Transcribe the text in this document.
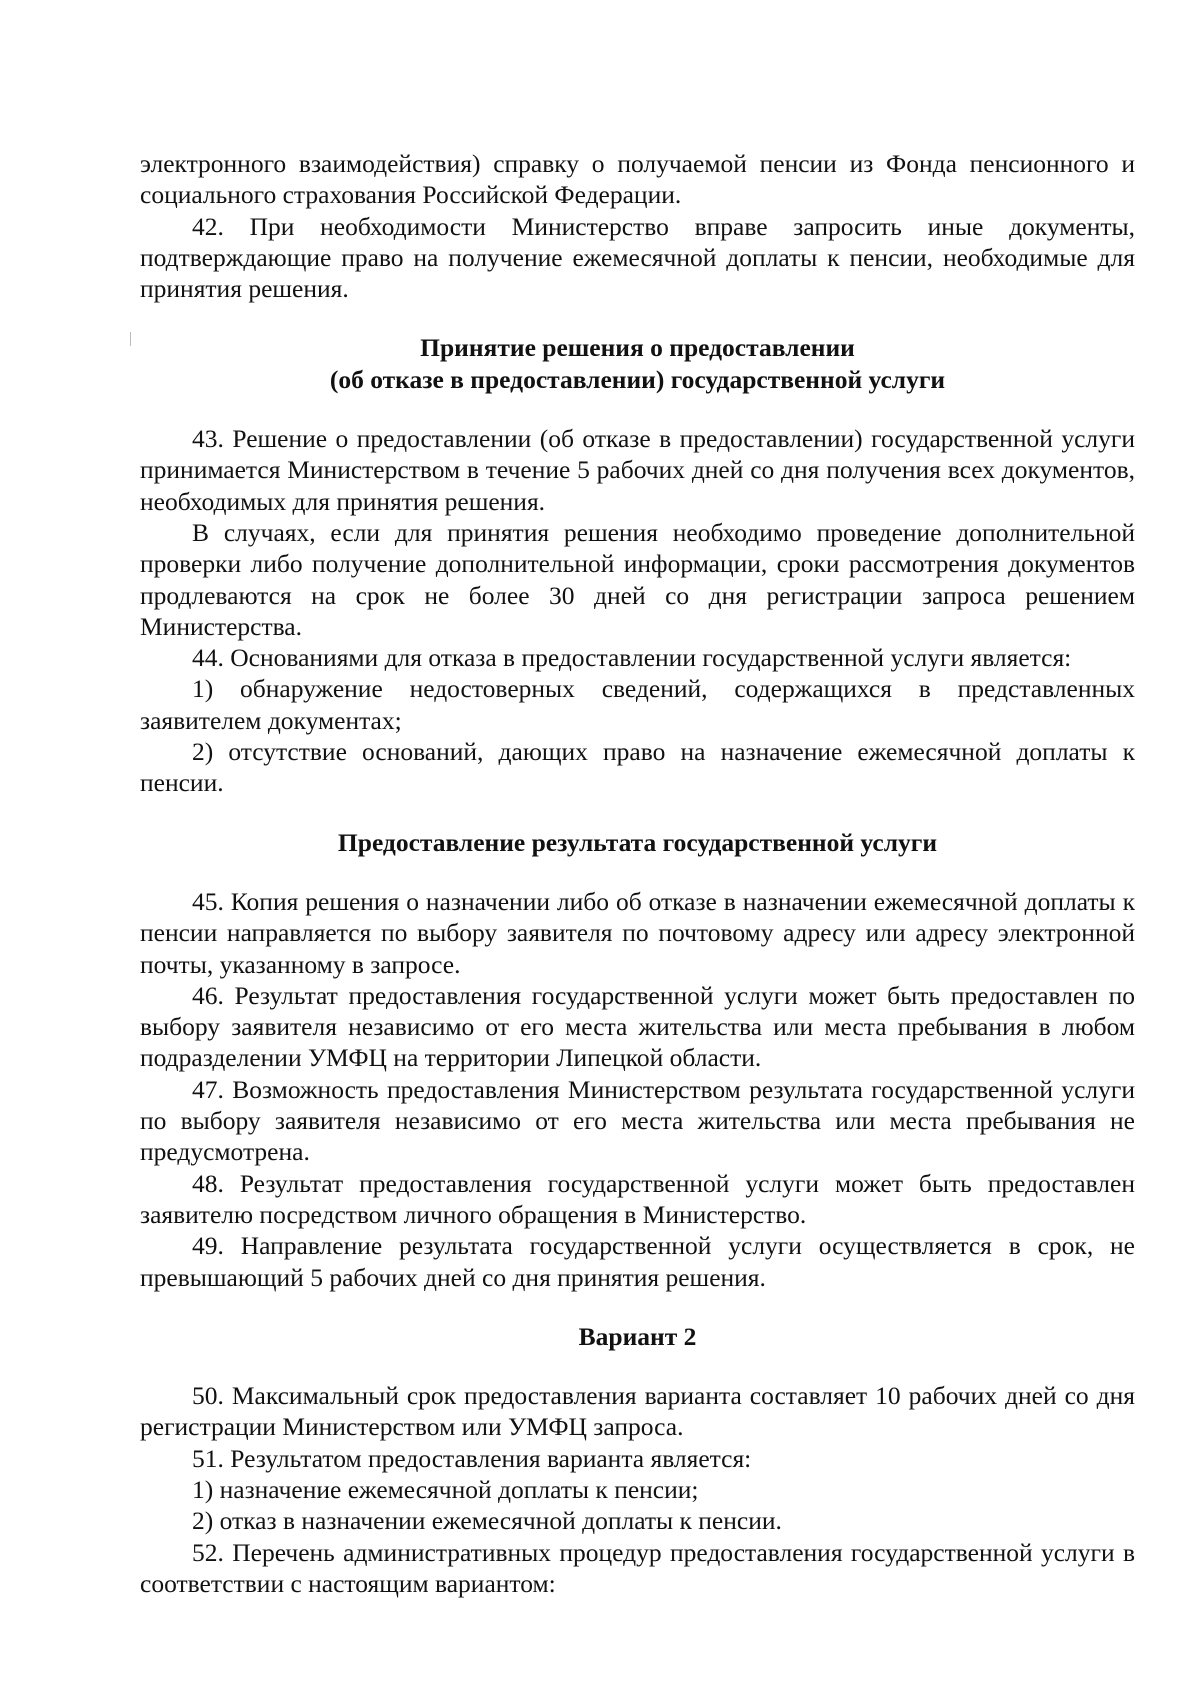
электронного взаимодействия) справку о получаемой пенсии из Фонда пенсионного и социального страхования Российской Федерации.

42. При необходимости Министерство вправе запросить иные документы, подтверждающие право на получение ежемесячной доплаты к пенсии, необходимые для принятия решения.

Принятие решения о предоставлении

(об отказе в предоставлении) государственной услуги

43. Решение о предоставлении (об отказе в предоставлении) государственной услуги принимается Министерством в течение 5 рабочих дней со дня получения всех документов, необходимых для принятия решения.

В случаях, если для принятия решения необходимо проведение дополнительной проверки либо получение дополнительной информации, сроки рассмотрения документов продлеваются на срок не более 30 дней со дня регистрации запроса решением Министерства.

44. Основаниями для отказа в предоставлении государственной услуги является:

1) обнаружение недостоверных сведений, содержащихся в представленных заявителем документах;

2) отсутствие оснований, дающих право на назначение ежемесячной доплаты к пенсии.

Предоставление результата государственной услуги

45. Копия решения о назначении либо об отказе в назначении ежемесячной доплаты к пенсии направляется по выбору заявителя по почтовому адресу или адресу электронной почты, указанному в запросе.

46. Результат предоставления государственной услуги может быть предоставлен по выбору заявителя независимо от его места жительства или места пребывания в любом подразделении УМФЦ на территории Липецкой области.

47. Возможность предоставления Министерством результата государственной услуги по выбору заявителя независимо от его места жительства или места пребывания не предусмотрена.

48. Результат предоставления государственной услуги может быть предоставлен заявителю посредством личного обращения в Министерство.

49. Направление результата государственной услуги осуществляется в срок, не превышающий 5 рабочих дней со дня принятия решения.

Вариант 2

50. Максимальный срок предоставления варианта составляет 10 рабочих дней со дня регистрации Министерством или УМФЦ запроса.

51. Результатом предоставления варианта является:

1) назначение ежемесячной доплаты к пенсии;

2) отказ в назначении ежемесячной доплаты к пенсии.

52. Перечень административных процедур предоставления государственной услуги в соответствии с настоящим вариантом:
